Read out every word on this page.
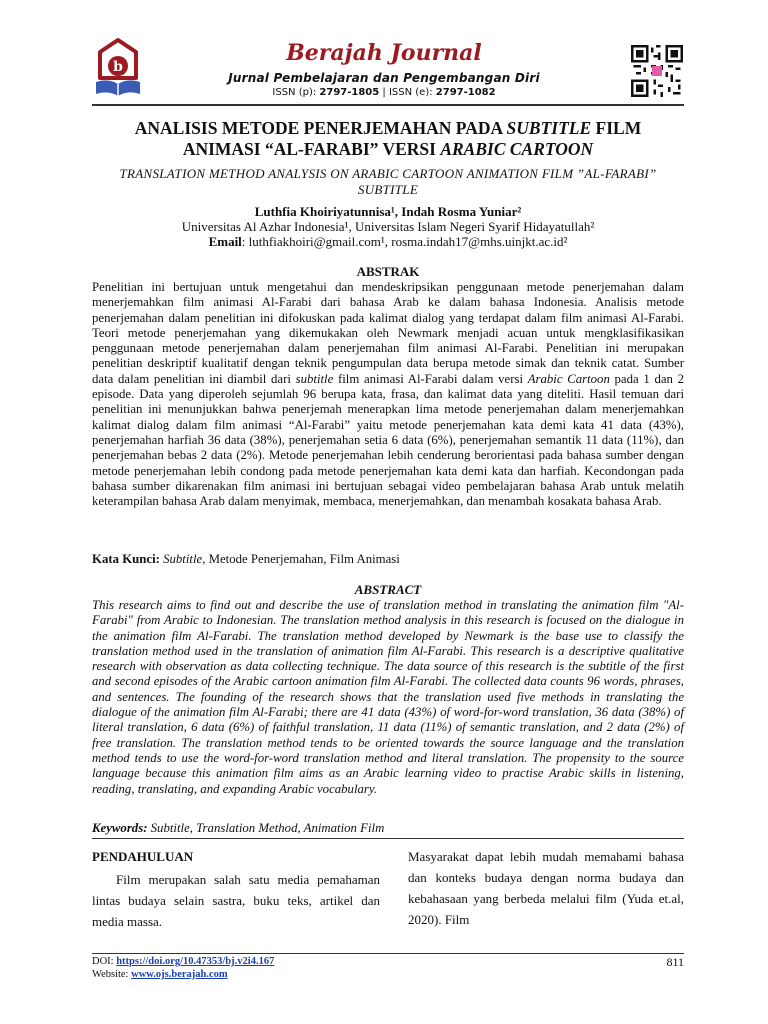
b
Berajah Journal
Jurnal Pembelajaran dan Pengembangan Diri
ISSN (p): 2797-1805 | ISSN (e): 2797-1082
ANALISIS METODE PENERJEMAHAN PADA SUBTITLE FILM
ANIMASI “AL-FARABI” VERSI ARABIC CARTOON
TRANSLATION METHOD ANALYSIS ON ARABIC CARTOON ANIMATION FILM ”AL-FARABI” SUBTITLE
Luthfia Khoiriyatunnisa¹, Indah Rosma Yuniar²
Universitas Al Azhar Indonesia¹, Universitas Islam Negeri Syarif Hidayatullah²
Email: luthfiakhoiri@gmail.com¹, rosma.indah17@mhs.uinjkt.ac.id²
ABSTRAK
Penelitian ini bertujuan untuk mengetahui dan mendeskripsikan penggunaan metode penerjemahan dalam menerjemahkan film animasi Al-Farabi dari bahasa Arab ke dalam bahasa Indonesia. Analisis metode penerjemahan dalam penelitian ini difokuskan pada kalimat dialog yang terdapat dalam film animasi Al-Farabi. Teori metode penerjemahan yang dikemukakan oleh Newmark menjadi acuan untuk mengklasifikasikan penggunaan metode penerjemahan dalam penerjemahan film animasi Al-Farabi. Penelitian ini merupakan penelitian deskriptif kualitatif dengan teknik pengumpulan data berupa metode simak dan teknik catat. Sumber data dalam penelitian ini diambil dari subtitle film animasi Al-Farabi dalam versi Arabic Cartoon pada 1 dan 2 episode. Data yang diperoleh sejumlah 96 berupa kata, frasa, dan kalimat data yang diteliti. Hasil temuan dari penelitian ini menunjukkan bahwa penerjemah menerapkan lima metode penerjemahan dalam menerjemahkan kalimat dialog dalam film animasi “Al-Farabi” yaitu metode penerjemahan kata demi kata 41 data (43%), penerjemahan harfiah 36 data (38%), penerjemahan setia 6 data (6%), penerjemahan semantik 11 data (11%), dan penerjemahan bebas 2 data (2%). Metode penerjemahan lebih cenderung berorientasi pada bahasa sumber dengan metode penerjemahan lebih condong pada metode penerjemahan kata demi kata dan harfiah. Kecondongan pada bahasa sumber dikarenakan film animasi ini bertujuan sebagai video pembelajaran bahasa Arab untuk melatih keterampilan bahasa Arab dalam menyimak, membaca, menerjemahkan, dan menambah kosakata bahasa Arab.
Kata Kunci: Subtitle, Metode Penerjemahan, Film Animasi
ABSTRACT
This research aims to find out and describe the use of translation method in translating the animation film "Al-Farabi" from Arabic to Indonesian. The translation method analysis in this research is focused on the dialogue in the animation film Al-Farabi. The translation method developed by Newmark is the base use to classify the translation method used in the translation of animation film Al-Farabi. This research is a descriptive qualitative research with observation as data collecting technique. The data source of this research is the subtitle of the first and second episodes of the Arabic cartoon animation film Al-Farabi. The collected data counts 96 words, phrases, and sentences. The founding of the research shows that the translation used five methods in translating the dialogue of the animation film Al-Farabi; there are 41 data (43%) of word-for-word translation, 36 data (38%) of literal translation, 6 data (6%) of faithful translation, 11 data (11%) of semantic translation, and 2 data (2%) of free translation. The translation method tends to be oriented towards the source language and the translation method tends to use the word-for-word translation method and literal translation. The propensity to the source language because this animation film aims as an Arabic learning video to practise Arabic skills in listening, reading, translating, and expanding Arabic vocabulary.
Keywords: Subtitle, Translation Method, Animation Film
PENDAHULUAN
Film merupakan salah satu media pemahaman lintas budaya selain sastra, buku teks, artikel dan media massa.
Masyarakat dapat lebih mudah memahami bahasa dan konteks budaya dengan norma budaya dan kebahasaan yang berbeda melalui film (Yuda et.al, 2020). Film
DOI: https://doi.org/10.47353/bj.v2i4.167
Website: www.ojs.berajah.com
811
